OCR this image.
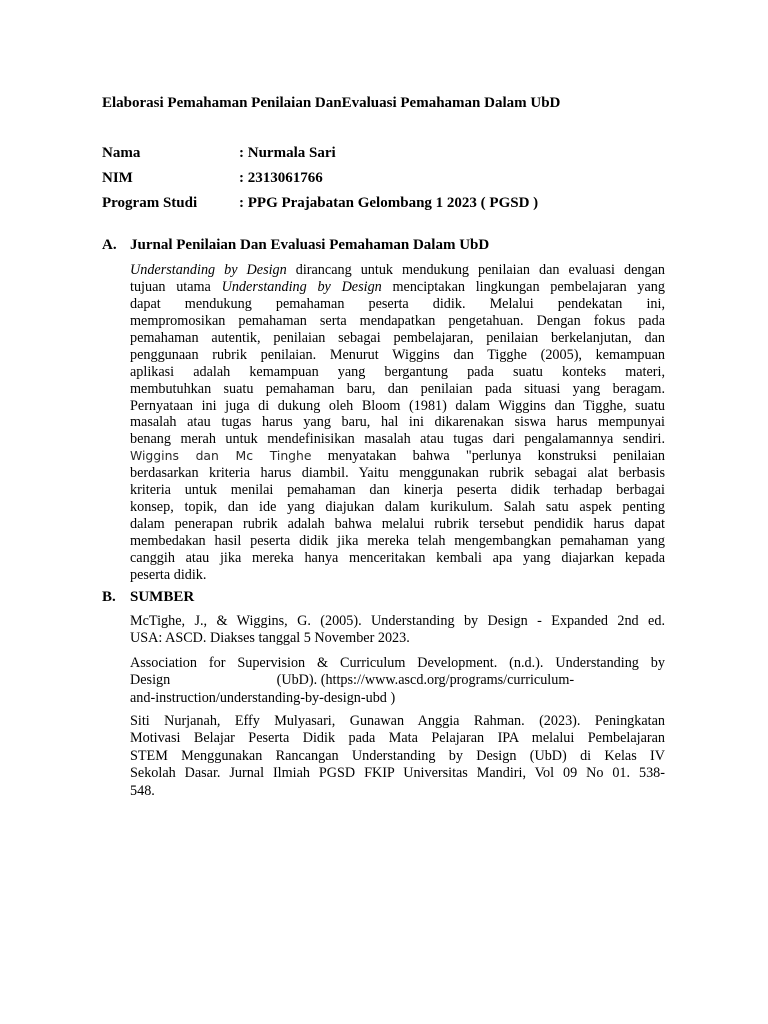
Elaborasi Pemahaman Penilaian DanEvaluasi Pemahaman Dalam UbD
Nama	: Nurmala Sari
NIM	: 2313061766
Program Studi	: PPG Prajabatan Gelombang 1 2023 ( PGSD )
A. Jurnal Penilaian Dan Evaluasi Pemahaman Dalam UbD
Understanding by Design dirancang untuk mendukung penilaian dan evaluasi dengan
tujuan utama Understanding by Design menciptakan lingkungan pembelajaran yang
dapat mendukung pemahaman peserta didik. Melalui pendekatan ini,
mempromosikan pemahaman serta mendapatkan pengetahuan. Dengan fokus pada
pemahaman autentik, penilaian sebagai pembelajaran, penilaian berkelanjutan, dan
penggunaan rubrik penilaian. Menurut Wiggins dan Tigghe (2005), kemampuan
aplikasi adalah kemampuan yang bergantung pada suatu konteks materi,
membutuhkan suatu pemahaman baru, dan penilaian pada situasi yang beragam.
Pernyataan ini juga di dukung oleh Bloom (1981) dalam Wiggins dan Tigghe, suatu
masalah atau tugas harus yang baru, hal ini dikarenakan siswa harus mempunyai
benang merah untuk mendefinisikan masalah atau tugas dari pengalamannya sendiri.
Wiggins dan Mc Tinghe menyatakan bahwa "perlunya konstruksi penilaian
berdasarkan kriteria harus diambil. Yaitu menggunakan rubrik sebagai alat berbasis
kriteria untuk menilai pemahaman dan kinerja peserta didik terhadap berbagai
konsep, topik, dan ide yang diajukan dalam kurikulum. Salah satu aspek penting
dalam penerapan rubrik adalah bahwa melalui rubrik tersebut pendidik harus dapat
membedakan hasil peserta didik jika mereka telah mengembangkan pemahaman yang
canggih atau jika mereka hanya menceritakan kembali apa yang diajarkan kepada
peserta didik.
B. SUMBER
McTighe, J., & Wiggins, G. (2005). Understanding by Design - Expanded 2nd ed.
USA: ASCD. Diakses tanggal 5 November 2023.
Association for Supervision & Curriculum Development. (n.d.). Understanding by
Design                              (UbD). (https://www.ascd.org/programs/curriculum-
and-instruction/understanding-by-design-ubd )
Siti Nurjanah, Effy Mulyasari, Gunawan Anggia Rahman. (2023). Peningkatan
Motivasi Belajar Peserta Didik pada Mata Pelajaran IPA melalui Pembelajaran
STEM Menggunakan Rancangan Understanding by Design (UbD) di Kelas IV
Sekolah Dasar. Jurnal Ilmiah PGSD FKIP Universitas Mandiri, Vol 09 No 01. 538-
548.
